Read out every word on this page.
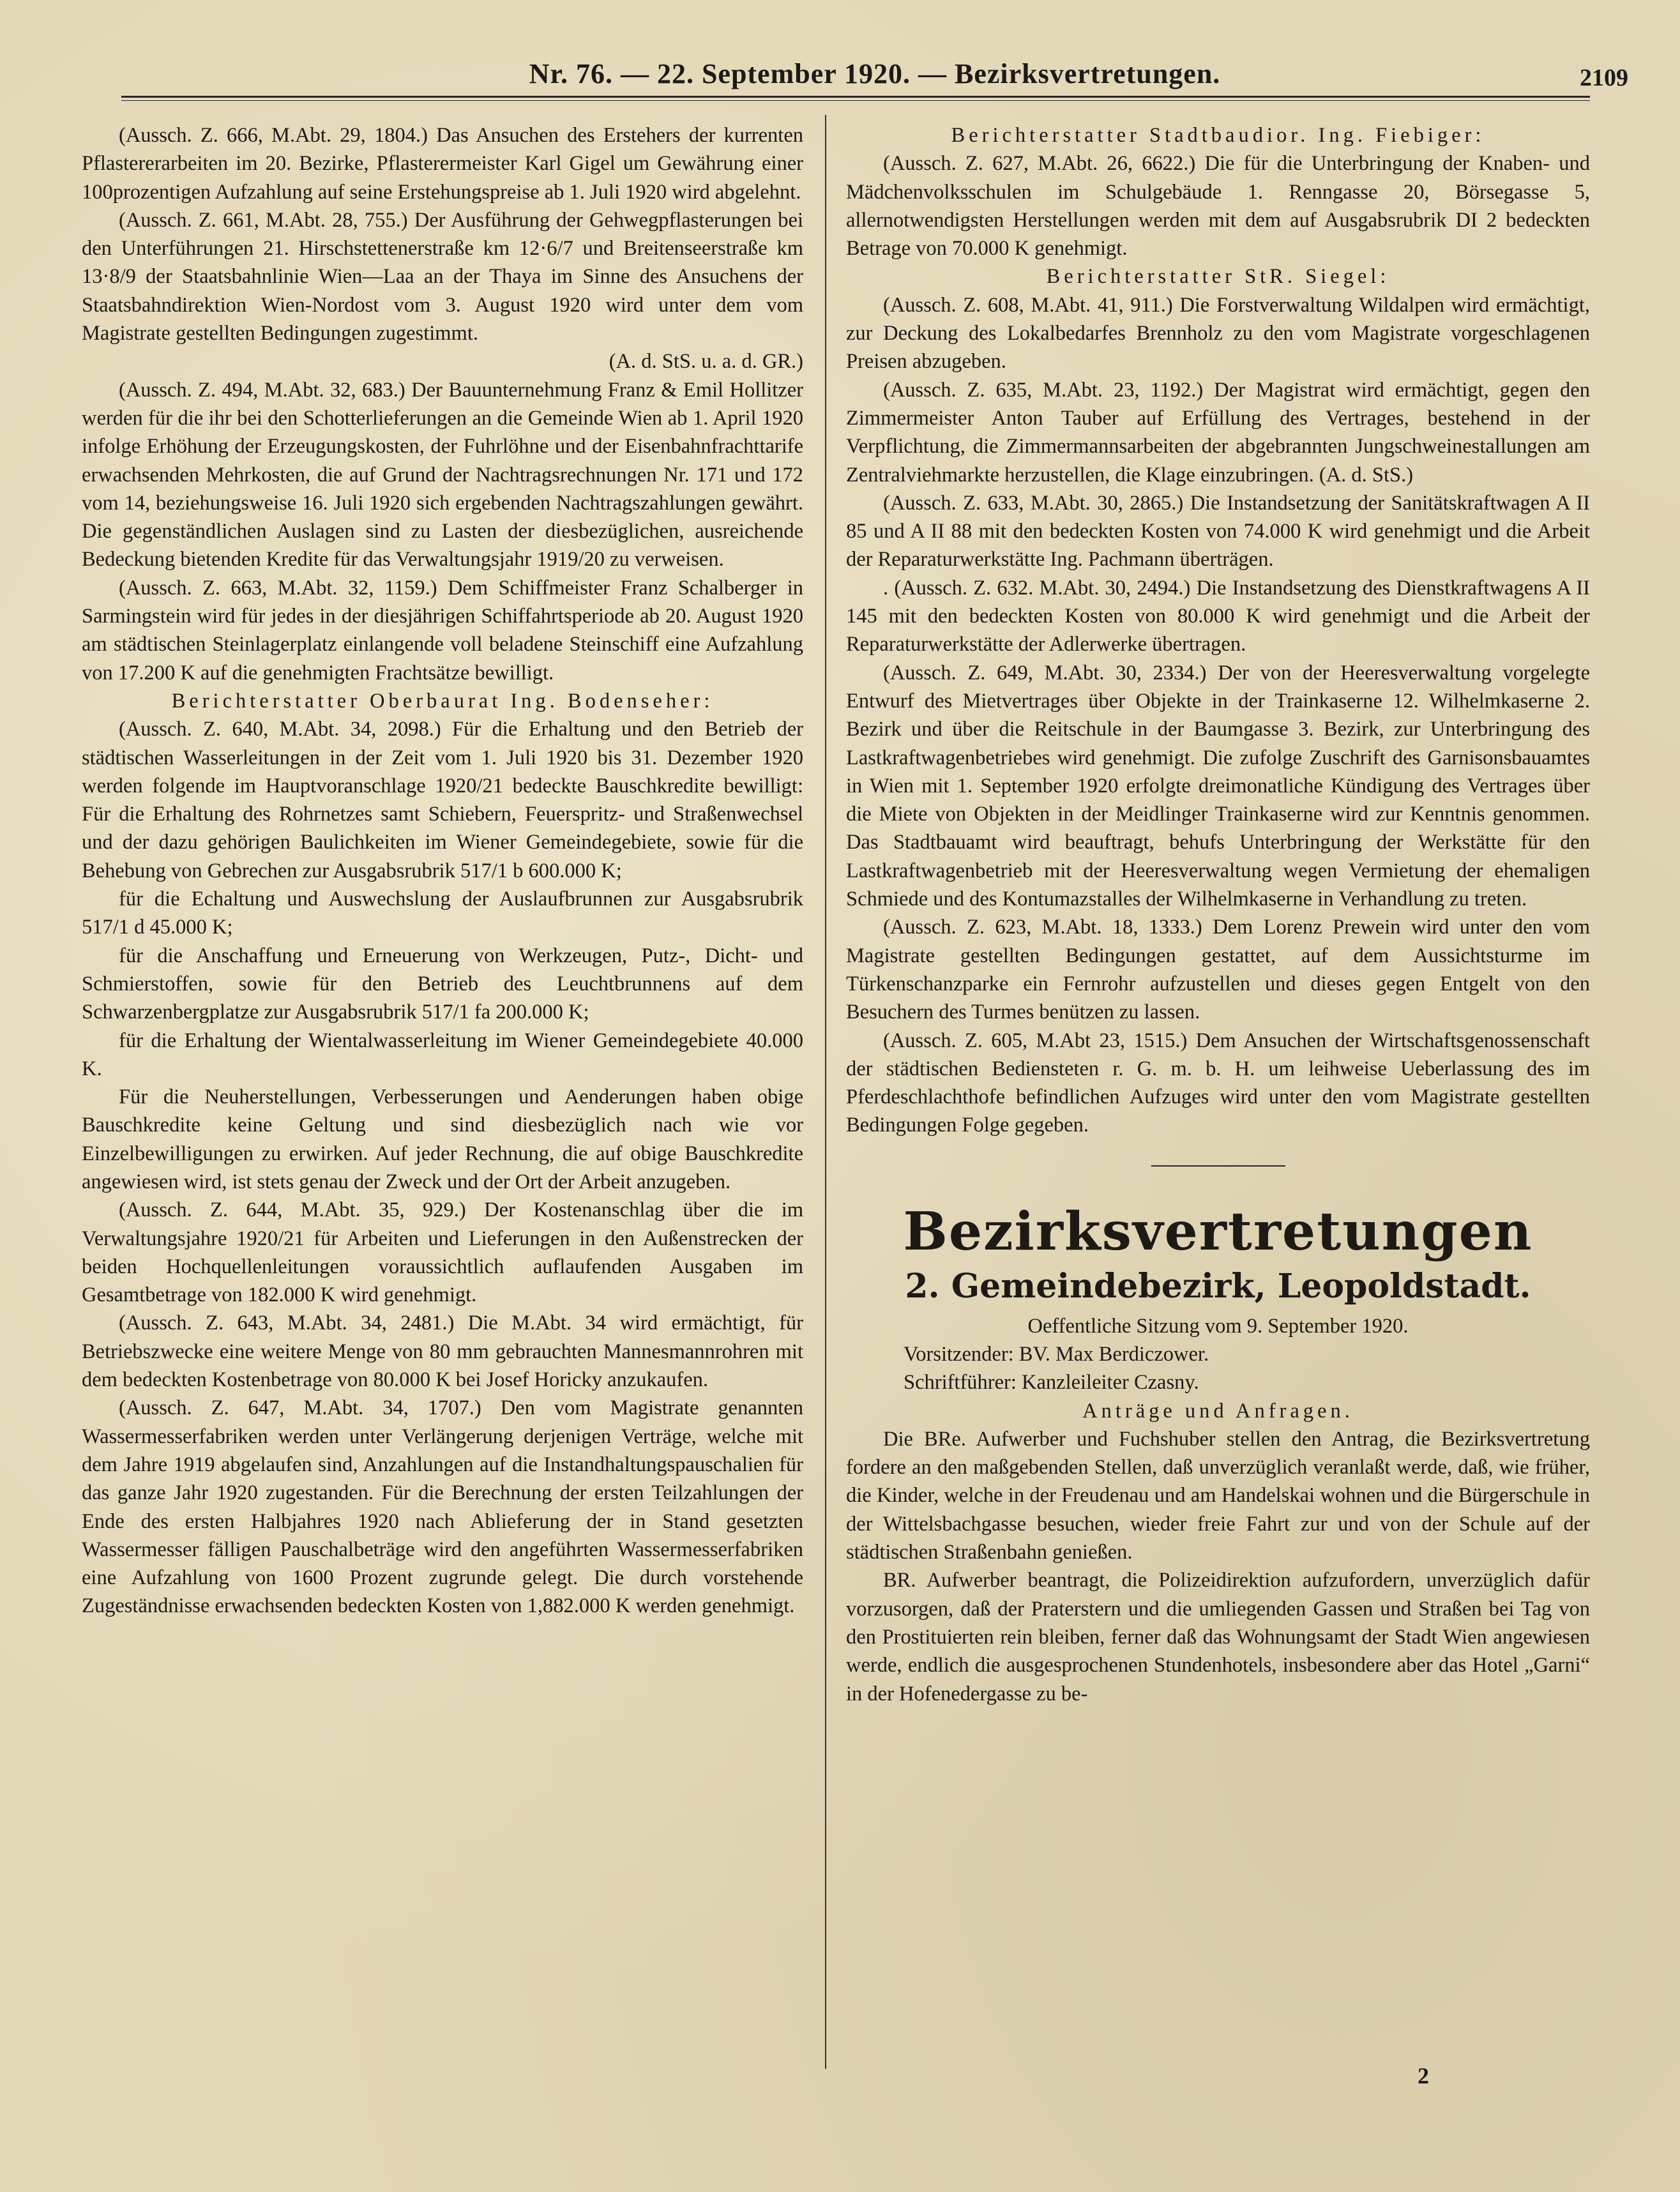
Nr. 76. — 22. September 1920. — Bezirksvertretungen.	2109

(Aussch. Z. 666, M.Abt. 29, 1804.) Das Ansuchen des Erstehers der kurrenten Pflastererarbeiten im 20. Bezirke, Pflasterermeister Karl Gigel um Gewährung einer 100prozentigen Aufzahlung auf seine Erstehungspreise ab 1. Juli 1920 wird abgelehnt.

(Aussch. Z. 661, M.Abt. 28, 755.) Der Ausführung der Gehwegpflasterungen bei den Unterführungen 21. Hirschstettenerstraße km 12·6/7 und Breitenseerstraße km 13·8/9 der Staatsbahnlinie Wien—Laa an der Thaya im Sinne des Ansuchens der Staatsbahndirektion Wien-Nordost vom 3. August 1920 wird unter dem vom Magistrate gestellten Bedingungen zugestimmt.

(A. d. StS. u. a. d. GR.)

(Aussch. Z. 494, M.Abt. 32, 683.) Der Bauunternehmung Franz & Emil Hollitzer werden für die ihr bei den Schotterlieferungen an die Gemeinde Wien ab 1. April 1920 infolge Erhöhung der Erzeugungskosten, der Fuhrlöhne und der Eisenbahnfrachttarife erwachsenden Mehrkosten, die auf Grund der Nachtragsrechnungen Nr. 171 und 172 vom 14, beziehungsweise 16. Juli 1920 sich ergebenden Nachtragszahlungen gewährt. Die gegenständlichen Auslagen sind zu Lasten der diesbezüglichen, ausreichende Bedeckung bietenden Kredite für das Verwaltungsjahr 1919/20 zu verweisen.

(Aussch. Z. 663, M.Abt. 32, 1159.) Dem Schiffmeister Franz Schalberger in Sarmingstein wird für jedes in der diesjährigen Schiffahrtsperiode ab 20. August 1920 am städtischen Steinlagerplatz einlangende voll beladene Steinschiff eine Aufzahlung von 17.200 K auf die genehmigten Frachtsätze bewilligt.

Berichterstatter Oberbaurat Ing. Bodenseher:

(Aussch. Z. 640, M.Abt. 34, 2098.) Für die Erhaltung und den Betrieb der städtischen Wasserleitungen in der Zeit vom 1. Juli 1920 bis 31. Dezember 1920 werden folgende im Hauptvoranschlage 1920/21 bedeckte Bauschkredite bewilligt: Für die Erhaltung des Rohrnetzes samt Schiebern, Feuerspritz- und Straßenwechsel und der dazu gehörigen Baulichkeiten im Wiener Gemeindegebiete, sowie für die Behebung von Gebrechen zur Ausgabsrubrik 517/1 b 600.000 K;

für die Echaltung und Auswechslung der Auslaufbrunnen zur Ausgabsrubrik 517/1 d 45.000 K;

für die Anschaffung und Erneuerung von Werkzeugen, Putz-, Dicht- und Schmierstoffen, sowie für den Betrieb des Leuchtbrunnens auf dem Schwarzenbergplatze zur Ausgabsrubrik 517/1 fa 200.000 K;

für die Erhaltung der Wientalwasserleitung im Wiener Gemeindegebiete 40.000 K.

Für die Neuherstellungen, Verbesserungen und Aenderungen haben obige Bauschkredite keine Geltung und sind diesbezüglich nach wie vor Einzelbewilligungen zu erwirken. Auf jeder Rechnung, die auf obige Bauschkredite angewiesen wird, ist stets genau der Zweck und der Ort der Arbeit anzugeben.

(Aussch. Z. 644, M.Abt. 35, 929.) Der Kostenanschlag über die im Verwaltungsjahre 1920/21 für Arbeiten und Lieferungen in den Außenstrecken der beiden Hochquellenleitungen voraussichtlich auflaufenden Ausgaben im Gesamtbetrage von 182.000 K wird genehmigt.

(Aussch. Z. 643, M.Abt. 34, 2481.) Die M.Abt. 34 wird ermächtigt, für Betriebszwecke eine weitere Menge von 80 mm gebrauchten Mannesmannrohren mit dem bedeckten Kostenbetrage von 80.000 K bei Josef Horicky anzukaufen.

(Aussch. Z. 647, M.Abt. 34, 1707.) Den vom Magistrate genannten Wassermesserfabriken werden unter Verlängerung derjenigen Verträge, welche mit dem Jahre 1919 abgelaufen sind, Anzahlungen auf die Instandhaltungspauschalien für das ganze Jahr 1920 zugestanden. Für die Berechnung der ersten Teilzahlungen der Ende des ersten Halbjahres 1920 nach Ablieferung der in Stand gesetzten Wassermesser fälligen Pauschalbeträge wird den angeführten Wassermesserfabriken eine Aufzahlung von 1600 Prozent zugrunde gelegt. Die durch vorstehende Zugeständnisse erwachsenden bedeckten Kosten von 1,882.000 K werden genehmigt.

Berichterstatter Stadtbaudior. Ing. Fiebiger:

(Aussch. Z. 627, M.Abt. 26, 6622.) Die für die Unterbringung der Knaben- und Mädchenvolksschulen im Schulgebäude 1. Renngasse 20, Börsegasse 5, allernotwendigsten Herstellungen werden mit dem auf Ausgabsrubrik DI 2 bedeckten Betrage von 70.000 K genehmigt.

Berichterstatter StR. Siegel:

(Aussch. Z. 608, M.Abt. 41, 911.) Die Forstverwaltung Wildalpen wird ermächtigt, zur Deckung des Lokalbedarfes Brennholz zu den vom Magistrate vorgeschlagenen Preisen abzugeben.

(Aussch. Z. 635, M.Abt. 23, 1192.) Der Magistrat wird ermächtigt, gegen den Zimmermeister Anton Tauber auf Erfüllung des Vertrages, bestehend in der Verpflichtung, die Zimmermannsarbeiten der abgebrannten Jungschweinestallungen am Zentralviehmarkte herzustellen, die Klage einzubringen. (A. d. StS.)

(Aussch. Z. 633, M.Abt. 30, 2865.) Die Instandsetzung der Sanitätskraftwagen A II 85 und A II 88 mit den bedeckten Kosten von 74.000 K wird genehmigt und die Arbeit der Reparaturwerkstätte Ing. Pachmann überträgen.

. (Aussch. Z. 632. M.Abt. 30, 2494.) Die Instandsetzung des Dienstkraftwagens A II 145 mit den bedeckten Kosten von 80.000 K wird genehmigt und die Arbeit der Reparaturwerkstätte der Adlerwerke übertragen.

(Aussch. Z. 649, M.Abt. 30, 2334.) Der von der Heeresverwaltung vorgelegte Entwurf des Mietvertrages über Objekte in der Trainkaserne 12. Wilhelmkaserne 2. Bezirk und über die Reitschule in der Baumgasse 3. Bezirk, zur Unterbringung des Lastkraftwagenbetriebes wird genehmigt. Die zufolge Zuschrift des Garnisonsbauamtes in Wien mit 1. September 1920 erfolgte dreimonatliche Kündigung des Vertrages über die Miete von Objekten in der Meidlinger Trainkaserne wird zur Kenntnis genommen. Das Stadtbauamt wird beauftragt, behufs Unterbringung der Werkstätte für den Lastkraftwagenbetrieb mit der Heeresverwaltung wegen Vermietung der ehemaligen Schmiede und des Kontumazstalles der Wilhelmkaserne in Verhandlung zu treten.

(Aussch. Z. 623, M.Abt. 18, 1333.) Dem Lorenz Prewein wird unter den vom Magistrate gestellten Bedingungen gestattet, auf dem Aussichtsturme im Türkenschanzparke ein Fernrohr aufzustellen und dieses gegen Entgelt von den Besuchern des Turmes benützen zu lassen.

(Aussch. Z. 605, M.Abt 23, 1515.) Dem Ansuchen der Wirtschaftsgenossenschaft der städtischen Bediensteten r. G. m. b. H. um leihweise Ueberlassung des im Pferdeschlachthofe befindlichen Aufzuges wird unter den vom Magistrate gestellten Bedingungen Folge gegeben.

Bezirksvertretungen
2. Gemeindebezirk, Leopoldstadt.

Oeffentliche Sitzung vom 9. September 1920.

Vorsitzender: BV. Max Berdiczower.

Schriftführer: Kanzleileiter Czasny.

Anträge und Anfragen.

Die BRe. Aufwerber und Fuchshuber stellen den Antrag, die Bezirksvertretung fordere an den maßgebenden Stellen, daß unverzüglich veranlaßt werde, daß, wie früher, die Kinder, welche in der Freudenau und am Handelskai wohnen und die Bürgerschule in der Wittelsbachgasse besuchen, wieder freie Fahrt zur und von der Schule auf der städtischen Straßenbahn genießen.

BR. Aufwerber beantragt, die Polizeidirektion aufzufordern, unverzüglich dafür vorzusorgen, daß der Praterstern und die umliegenden Gassen und Straßen bei Tag von den Prostituierten rein bleiben, ferner daß das Wohnungsamt der Stadt Wien angewiesen werde, endlich die ausgesprochenen Stundenhotels, insbesondere aber das Hotel „Garni“ in der Hofenedergasse zu be-

2
